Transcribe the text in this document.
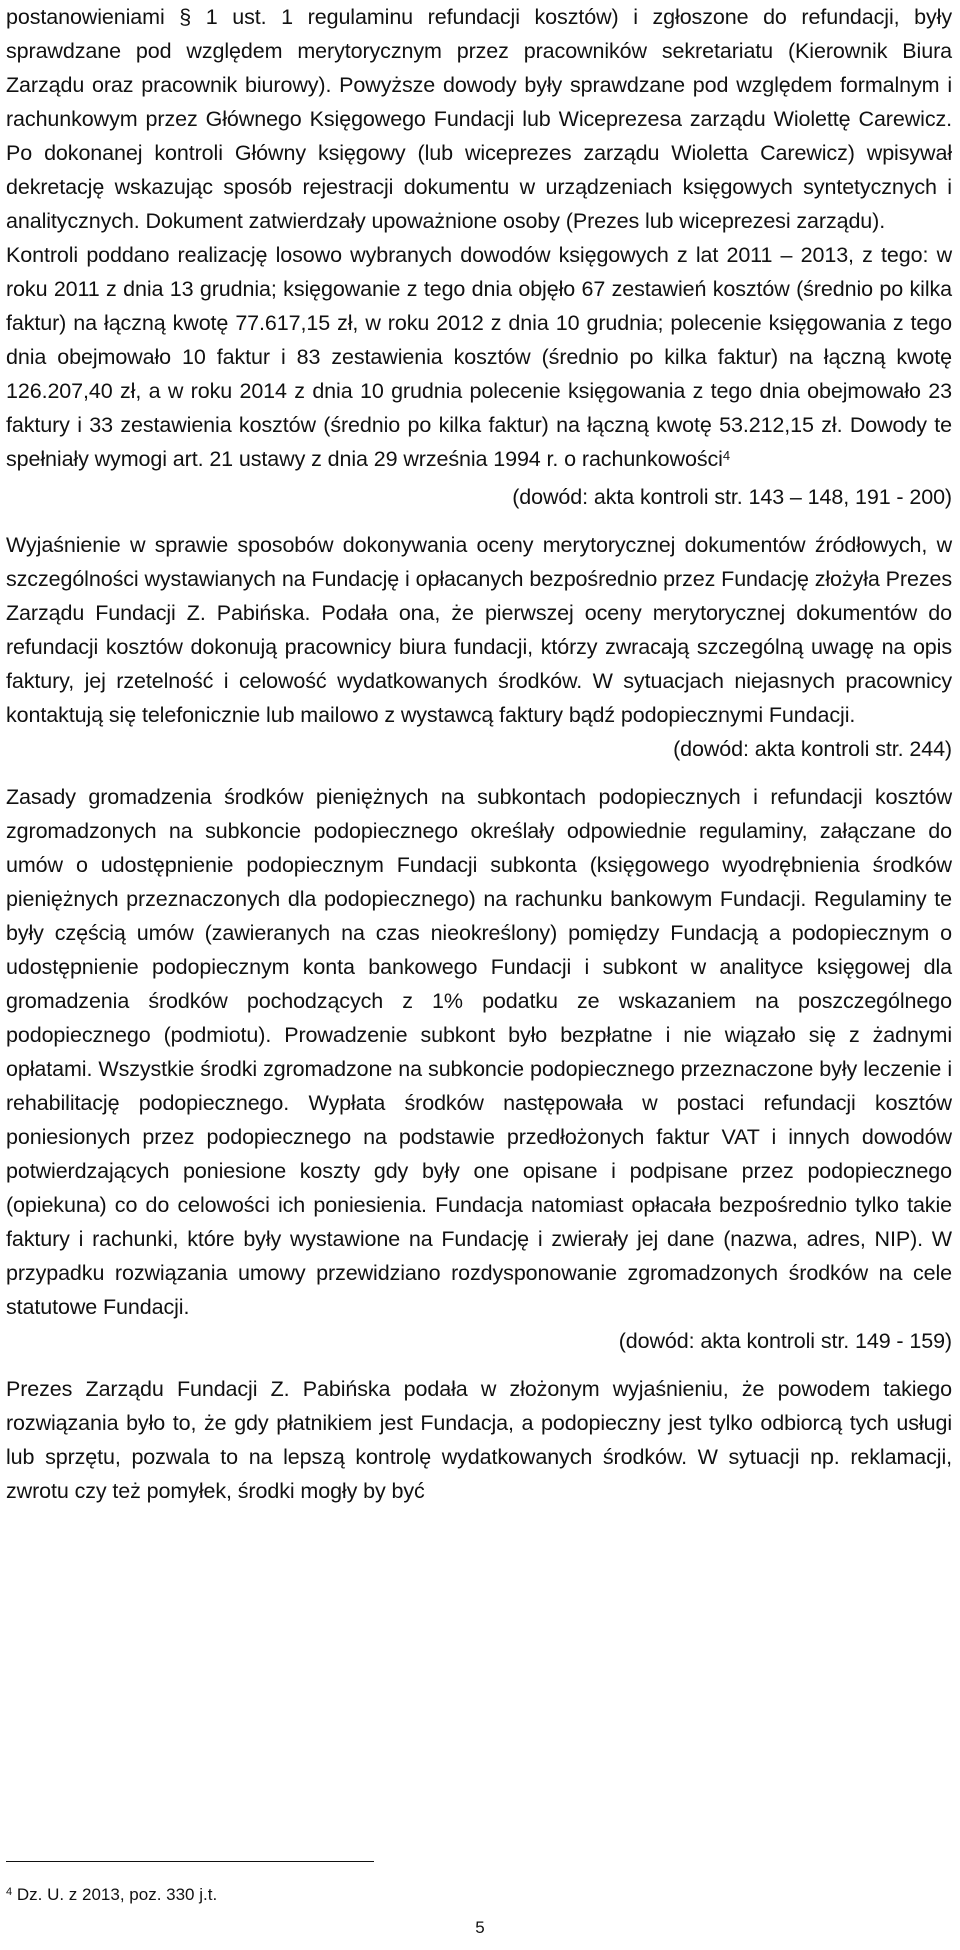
postanowieniami § 1 ust. 1 regulaminu refundacji kosztów) i zgłoszone do refundacji, były sprawdzane pod względem merytorycznym przez pracowników sekretariatu (Kierownik Biura Zarządu oraz pracownik biurowy). Powyższe dowody były sprawdzane pod względem formalnym i rachunkowym przez Głównego Księgowego Fundacji lub Wiceprezesa zarządu Wiolettę Carewicz. Po dokonanej kontroli Główny księgowy (lub wiceprezes zarządu Wioletta Carewicz) wpisywał dekretację wskazując sposób rejestracji dokumentu w urządzeniach księgowych syntetycznych i analitycznych. Dokument zatwierdzały upoważnione osoby (Prezes lub wiceprezesi zarządu).

Kontroli poddano realizację losowo wybranych dowodów księgowych z lat 2011 – 2013, z tego: w roku 2011 z dnia 13 grudnia; księgowanie z tego dnia objęło 67 zestawień kosztów (średnio po kilka faktur) na łączną kwotę 77.617,15 zł, w roku 2012 z dnia 10 grudnia; polecenie księgowania z tego dnia obejmowało 10 faktur i 83 zestawienia kosztów (średnio po kilka faktur) na łączną kwotę 126.207,40 zł, a w roku 2014 z dnia 10 grudnia polecenie księgowania z tego dnia obejmowało 23 faktury i 33 zestawienia kosztów (średnio po kilka faktur) na łączną kwotę 53.212,15 zł. Dowody te spełniały wymogi art. 21 ustawy z dnia 29 września 1994 r. o rachunkowości$^4$

(dowód: akta kontroli str. 143 – 148, 191 - 200)

Wyjaśnienie w sprawie sposobów dokonywania oceny merytorycznej dokumentów źródłowych, w szczególności wystawianych na Fundację i opłacanych bezpośrednio przez Fundację złożyła Prezes Zarządu Fundacji Z. Pabińska. Podała ona, że pierwszej oceny merytorycznej dokumentów do refundacji kosztów dokonują pracownicy biura fundacji, którzy zwracają szczególną uwagę na opis faktury, jej rzetelność i celowość wydatkowanych środków. W sytuacjach niejasnych pracownicy kontaktują się telefonicznie lub mailowo z wystawcą faktury bądź podopiecznymi Fundacji.

(dowód: akta kontroli str. 244)

Zasady gromadzenia środków pieniężnych na subkontach podopiecznych i refundacji kosztów zgromadzonych na subkoncie podopiecznego określały odpowiednie regulaminy, załączane do umów o udostępnienie podopiecznym Fundacji subkonta (księgowego wyodrębnienia środków pieniężnych przeznaczonych dla podopiecznego) na rachunku bankowym Fundacji. Regulaminy te były częścią umów (zawieranych na czas nieokreślony) pomiędzy Fundacją a podopiecznym o udostępnienie podopiecznym konta bankowego Fundacji i subkont w analityce księgowej dla gromadzenia środków pochodzących z 1% podatku ze wskazaniem na poszczególnego podopiecznego (podmiotu). Prowadzenie subkont było bezpłatne i nie wiązało się z żadnymi opłatami. Wszystkie środki zgromadzone na subkoncie podopiecznego przeznaczone były leczenie i rehabilitację podopiecznego. Wypłata środków następowała w postaci refundacji kosztów poniesionych przez podopiecznego na podstawie przedłożonych faktur VAT i innych dowodów potwierdzających poniesione koszty gdy były one opisane i podpisane przez podopiecznego (opiekuna) co do celowości ich poniesienia. Fundacja natomiast opłacała bezpośrednio tylko takie faktury i rachunki, które były wystawione na Fundację i zwierały jej dane (nazwa, adres, NIP). W przypadku rozwiązania umowy przewidziano rozdysponowanie zgromadzonych środków na cele statutowe Fundacji.

(dowód: akta kontroli str. 149 - 159)

Prezes Zarządu Fundacji Z. Pabińska podała w złożonym wyjaśnieniu, że powodem takiego rozwiązania było to, że gdy płatnikiem jest Fundacja, a podopieczny jest tylko odbiorcą tych usługi lub sprzętu, pozwala to na lepszą kontrolę wydatkowanych środków. W sytuacji np. reklamacji, zwrotu czy też pomyłek, środki mogły by być

$^4$ Dz. U. z 2013, poz. 330 j.t.
5
